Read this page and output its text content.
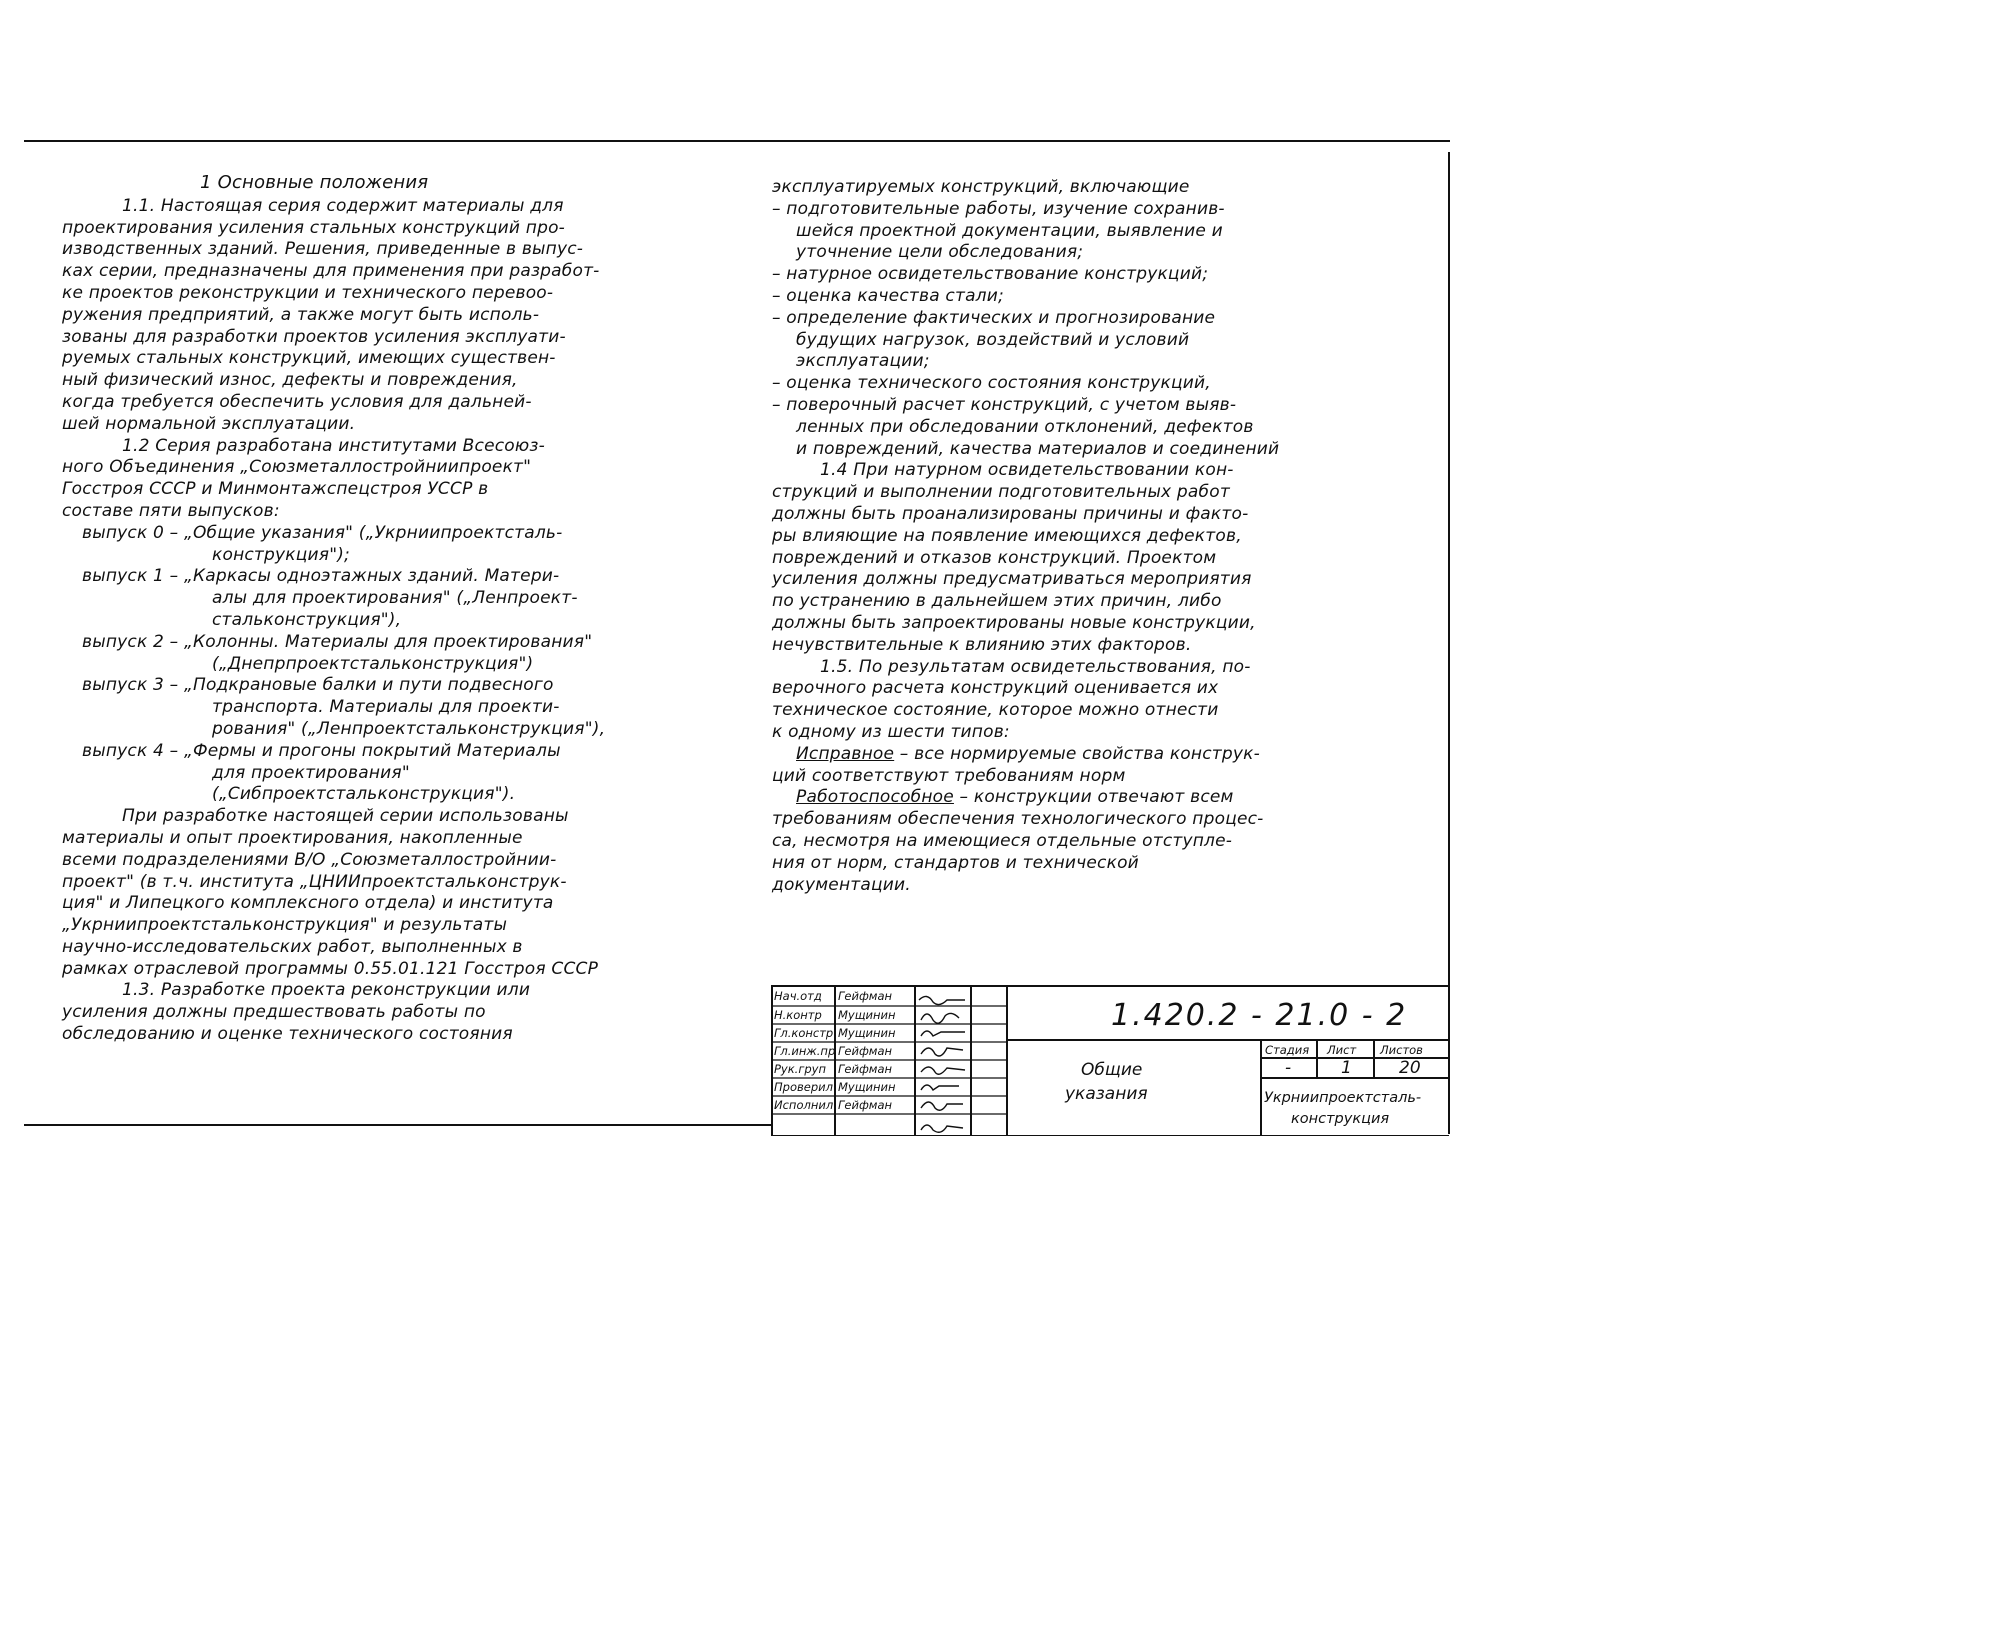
1 Основные положения
1.1. Настоящая серия содержит материалы для
проектирования усиления стальных конструкций про-
изводственных зданий. Решения, приведенные в выпус-
ках серии, предназначены для применения при разработ-
ке проектов реконструкции и технического перевоо-
ружения предприятий, а также могут быть исполь-
зованы для разработки проектов усиления эксплуати-
руемых стальных конструкций, имеющих существен-
ный физический износ, дефекты и повреждения,
когда требуется обеспечить условия для дальней-
шей нормальной эксплуатации.
1.2 Серия разработана институтами Всесоюз-
ного Объединения „Союзметаллостройниипроект"
Госстроя СССР и Минмонтажспецстроя УССР в
составе пяти выпусков:
выпуск 0 – „Общие указания" („Укрниипроектсталь-
конструкция");
выпуск 1 – „Каркасы одноэтажных зданий. Матери-
алы для проектирования" („Ленпроект-
стальконструкция"),
выпуск 2 – „Колонны. Материалы для проектирования"
(„Днепрпроектстальконструкция")
выпуск 3 – „Подкрановые балки и пути подвесного
транспорта. Материалы для проекти-
рования" („Ленпроектстальконструкция"),
выпуск 4 – „Фермы и прогоны покрытий Материалы
для проектирования"
(„Сибпроектстальконструкция").
При разработке настоящей серии использованы
материалы и опыт проектирования, накопленные
всеми подразделениями В/О „Союзметаллостройнии-
проект" (в т.ч. института „ЦНИИпроектстальконструк-
ция" и Липецкого комплексного отдела) и института
„Укрниипроектстальконструкция" и результаты
научно-исследовательских работ, выполненных в
рамках отраслевой программы 0.55.01.121 Госстроя СССР
1.3. Разработке проекта реконструкции или
усиления должны предшествовать работы по
обследованию и оценке технического состояния
эксплуатируемых конструкций, включающие
– подготовительные работы, изучение сохранив-
шейся проектной документации, выявление и
уточнение цели обследования;
– натурное освидетельствование конструкций;
– оценка качества стали;
– определение фактических и прогнозирование
будущих нагрузок, воздействий и условий
эксплуатации;
– оценка технического состояния конструкций,
– поверочный расчет конструкций, с учетом выяв-
ленных при обследовании отклонений, дефектов
и повреждений, качества материалов и соединений
1.4 При натурном освидетельствовании кон-
струкций и выполнении подготовительных работ
должны быть проанализированы причины и факто-
ры влияющие на появление имеющихся дефектов,
повреждений и отказов конструкций. Проектом
усиления должны предусматриваться мероприятия
по устранению в дальнейшем этих причин, либо
должны быть запроектированы новые конструкции,
нечувствительные к влиянию этих факторов.
1.5. По результатам освидетельствования, по-
верочного расчета конструкций оценивается их
техническое состояние, которое можно отнести
к одному из шести типов:
Исправное – все нормируемые свойства конструк-
ций соответствуют требованиям норм
Работоспособное – конструкции отвечают всем
требованиям обеспечения технологического процес-
са, несмотря на имеющиеся отдельные отступле-
ния от норм, стандартов и технической
документации.
Нач.отд Гейфман
Н.контр Мущинин
Гл.констр Мущинин
Гл.инж.пр Гейфман
Рук.груп Гейфман
Проверил Мущинин
Исполнил Гейфман
1.420.2 - 21.0 - 2
Общие
указания
Стадия Лист Листов
-	1	20
Укрниипроектсталь-
конструкция
